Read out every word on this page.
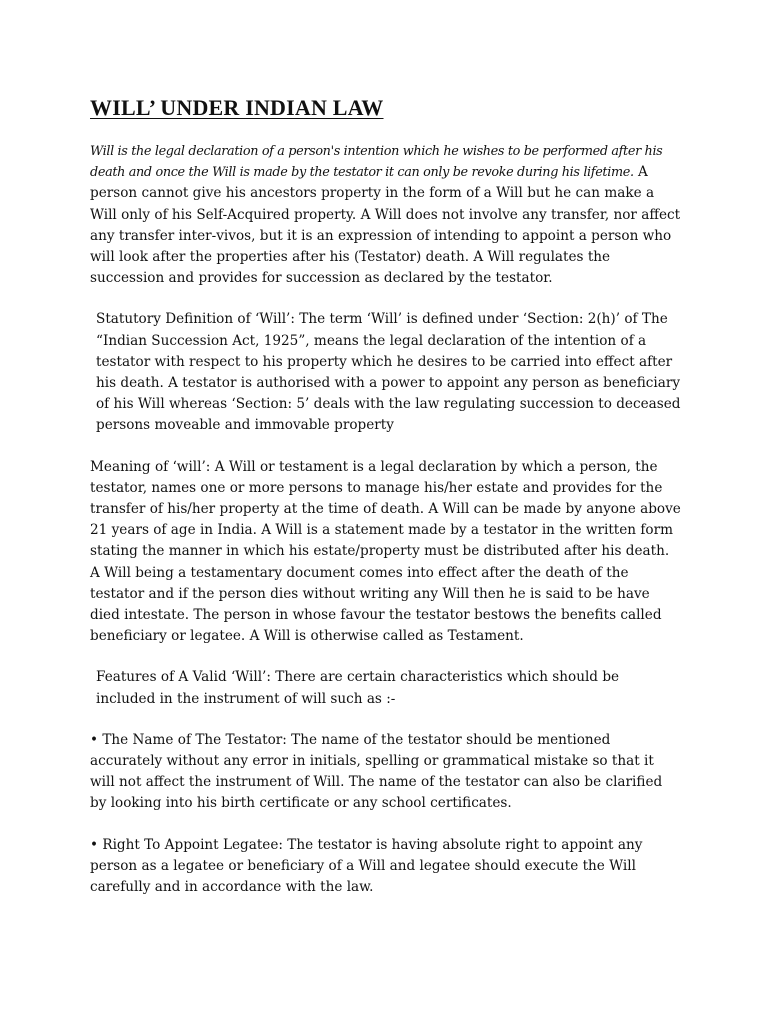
WILL’ UNDER INDIAN LAW

Will is the legal declaration of a person's intention which he wishes to be performed after his death and once the Will is made by the testator it can only be revoke during his lifetime. A person cannot give his ancestors property in the form of a Will but he can make a Will only of his Self-Acquired property. A Will does not involve any transfer, nor affect any transfer inter-vivos, but it is an expression of intending to appoint a person who will look after the properties after his (Testator) death. A Will regulates the succession and provides for succession as declared by the testator.

Statutory Definition of ‘Will’: The term ‘Will’ is defined under ‘Section: 2(h)’ of The “Indian Succession Act, 1925”, means the legal declaration of the intention of a testator with respect to his property which he desires to be carried into effect after his death. A testator is authorised with a power to appoint any person as beneficiary of his Will whereas ‘Section: 5’ deals with the law regulating succession to deceased persons moveable and immovable property

Meaning of ‘will’: A Will or testament is a legal declaration by which a person, the testator, names one or more persons to manage his/her estate and provides for the transfer of his/her property at the time of death. A Will can be made by anyone above 21 years of age in India. A Will is a statement made by a testator in the written form stating the manner in which his estate/property must be distributed after his death. A Will being a testamentary document comes into effect after the death of the testator and if the person dies without writing any Will then he is said to be have died intestate. The person in whose favour the testator bestows the benefits called beneficiary or legatee. A Will is otherwise called as Testament.

Features of A Valid ‘Will’: There are certain characteristics which should be included in the instrument of will such as :-

• The Name of The Testator: The name of the testator should be mentioned accurately without any error in initials, spelling or grammatical mistake so that it will not affect the instrument of Will. The name of the testator can also be clarified by looking into his birth certificate or any school certificates.

• Right To Appoint Legatee: The testator is having absolute right to appoint any person as a legatee or beneficiary of a Will and legatee should execute the Will carefully and in accordance with the law.
